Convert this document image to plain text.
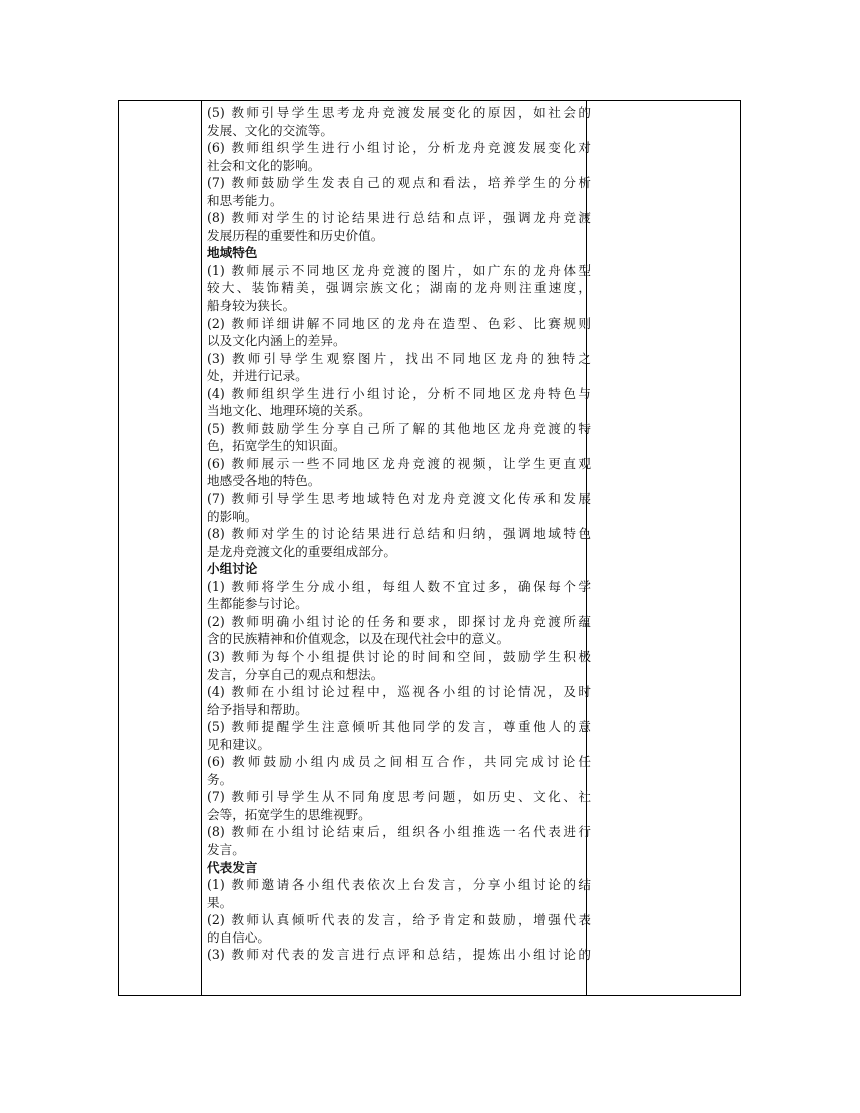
(5) 教师引导学生思考龙舟竞渡发展变化的原因，如社会的
发展、文化的交流等。
(6) 教师组织学生进行小组讨论，分析龙舟竞渡发展变化对
社会和文化的影响。
(7) 教师鼓励学生发表自己的观点和看法，培养学生的分析
和思考能力。
(8) 教师对学生的讨论结果进行总结和点评，强调龙舟竞渡
发展历程的重要性和历史价值。
地域特色
(1) 教师展示不同地区龙舟竞渡的图片，如广东的龙舟体型
较大、装饰精美，强调宗族文化；湖南的龙舟则注重速度，
船身较为狭长。
(2) 教师详细讲解不同地区的龙舟在造型、色彩、比赛规则
以及文化内涵上的差异。
(3) 教师引导学生观察图片，找出不同地区龙舟的独特之
处，并进行记录。
(4) 教师组织学生进行小组讨论，分析不同地区龙舟特色与
当地文化、地理环境的关系。
(5) 教师鼓励学生分享自己所了解的其他地区龙舟竞渡的特
色，拓宽学生的知识面。
(6) 教师展示一些不同地区龙舟竞渡的视频，让学生更直观
地感受各地的特色。
(7) 教师引导学生思考地域特色对龙舟竞渡文化传承和发展
的影响。
(8) 教师对学生的讨论结果进行总结和归纳，强调地域特色
是龙舟竞渡文化的重要组成部分。
小组讨论
(1) 教师将学生分成小组，每组人数不宜过多，确保每个学
生都能参与讨论。
(2) 教师明确小组讨论的任务和要求，即探讨龙舟竞渡所蕴
含的民族精神和价值观念，以及在现代社会中的意义。
(3) 教师为每个小组提供讨论的时间和空间，鼓励学生积极
发言，分享自己的观点和想法。
(4) 教师在小组讨论过程中，巡视各小组的讨论情况，及时
给予指导和帮助。
(5) 教师提醒学生注意倾听其他同学的发言，尊重他人的意
见和建议。
(6) 教师鼓励小组内成员之间相互合作，共同完成讨论任
务。
(7) 教师引导学生从不同角度思考问题，如历史、文化、社
会等，拓宽学生的思维视野。
(8) 教师在小组讨论结束后，组织各小组推选一名代表进行
发言。
代表发言
(1) 教师邀请各小组代表依次上台发言，分享小组讨论的结
果。
(2) 教师认真倾听代表的发言，给予肯定和鼓励，增强代表
的自信心。
(3) 教师对代表的发言进行点评和总结，提炼出小组讨论的
